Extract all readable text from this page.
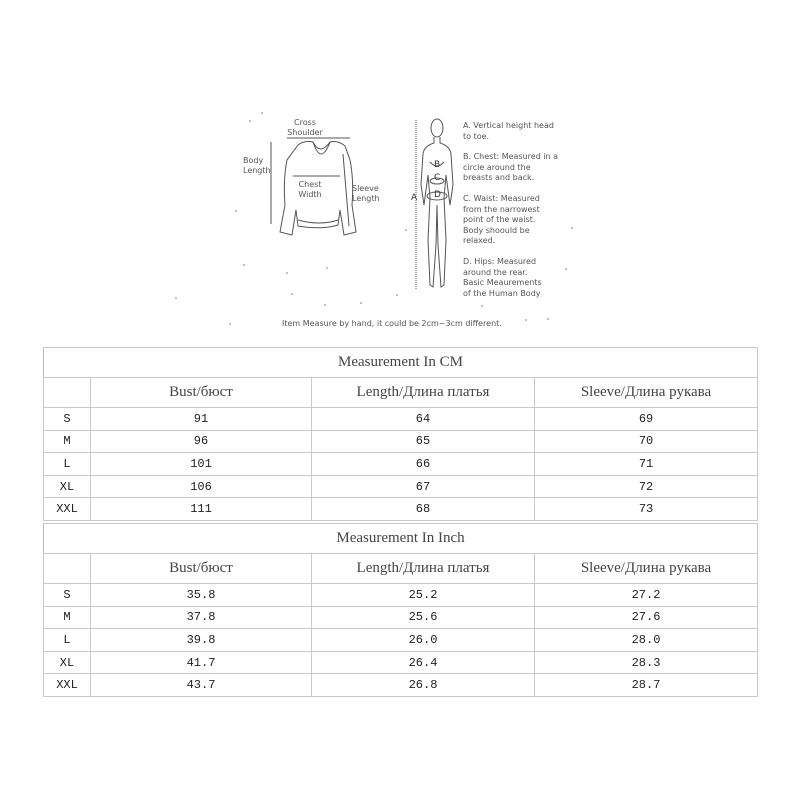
Cross
Shoulder
Body
Length
Chest
Width
Sleeve
Length	A
B
C
D
A. Vertical height head
to toe.
B. Chest: Measured in a
circle around the
breasts and back.
C. Waist: Measured
from the narrowest
point of the waist.
Body shoould be
relaxed.
D. Hips: Measured
around the rear.
Basic Meaurements
of the Human Body
Item Measure by hand, it could be 2cm~3cm different.
Measurement In CM			
	Bust/бюст	Length/Длина платья	Sleeve/Длина рукава
S	91	64	69
M	96	65	70
L	101	66	71
XL	106	67	72
XXL	111	68	73
Measurement In Inch			
	Bust/бюст	Length/Длина платья	Sleeve/Длина рукава
S	35.8	25.2	27.2
M	37.8	25.6	27.6
L	39.8	26.0	28.0
XL	41.7	26.4	28.3
XXL	43.7	26.8	28.7
